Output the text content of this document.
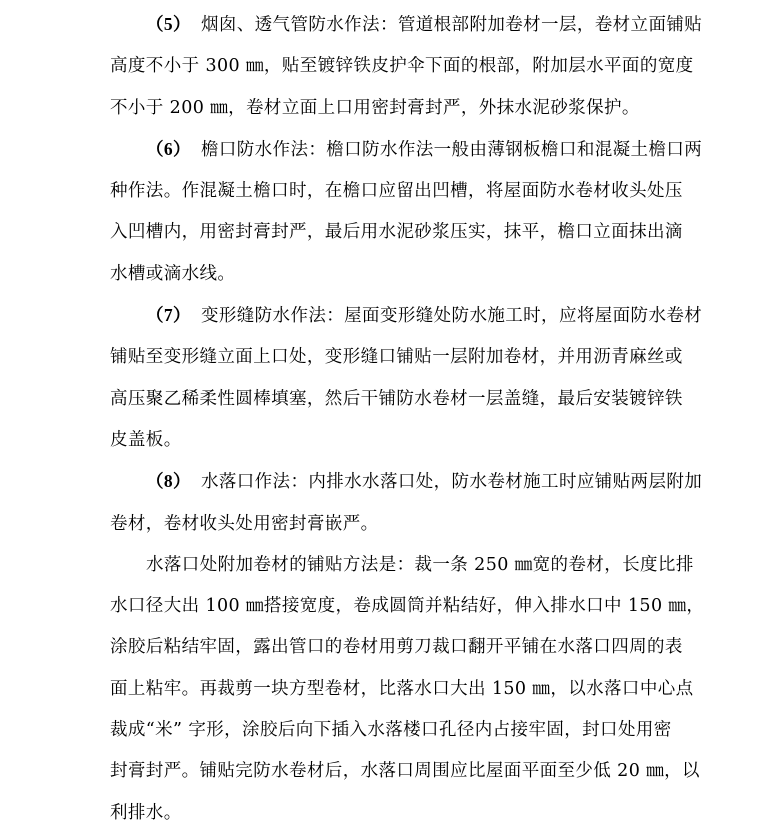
（5） 烟囱、透气管防水作法：管道根部附加卷材一层，卷材立面铺贴
高度不小于 300 ㎜，贴至镀锌铁皮护伞下面的根部，附加层水平面的宽度
不小于 200 ㎜，卷材立面上口用密封膏封严，外抹水泥砂浆保护。

（6） 檐口防水作法：檐口防水作法一般由薄钢板檐口和混凝土檐口两
种作法。作混凝土檐口时，在檐口应留出凹槽，将屋面防水卷材收头处压
入凹槽内，用密封膏封严，最后用水泥砂浆压实，抹平，檐口立面抹出滴
水槽或滴水线。

（7） 变形缝防水作法：屋面变形缝处防水施工时，应将屋面防水卷材
铺贴至变形缝立面上口处，变形缝口铺贴一层附加卷材，并用沥青麻丝或
高压聚乙稀柔性圆棒填塞，然后干铺防水卷材一层盖缝，最后安装镀锌铁
皮盖板。

（8） 水落口作法：内排水水落口处，防水卷材施工时应铺贴两层附加
卷材，卷材收头处用密封膏嵌严。

水落口处附加卷材的铺贴方法是：裁一条 250 ㎜宽的卷材，长度比排
水口径大出 100 ㎜搭接宽度，卷成圆筒并粘结好，伸入排水口中 150 ㎜，
涂胶后粘结牢固，露出管口的卷材用剪刀裁口翻开平铺在水落口四周的表
面上粘牢。再裁剪一块方型卷材，比落水口大出 150 ㎜，以水落口中心点
裁成“米” 字形，涂胶后向下插入水落楼口孔径内占接牢固，封口处用密
封膏封严。铺贴完防水卷材后，水落口周围应比屋面平面至少低 20 ㎜，以
利排水。
